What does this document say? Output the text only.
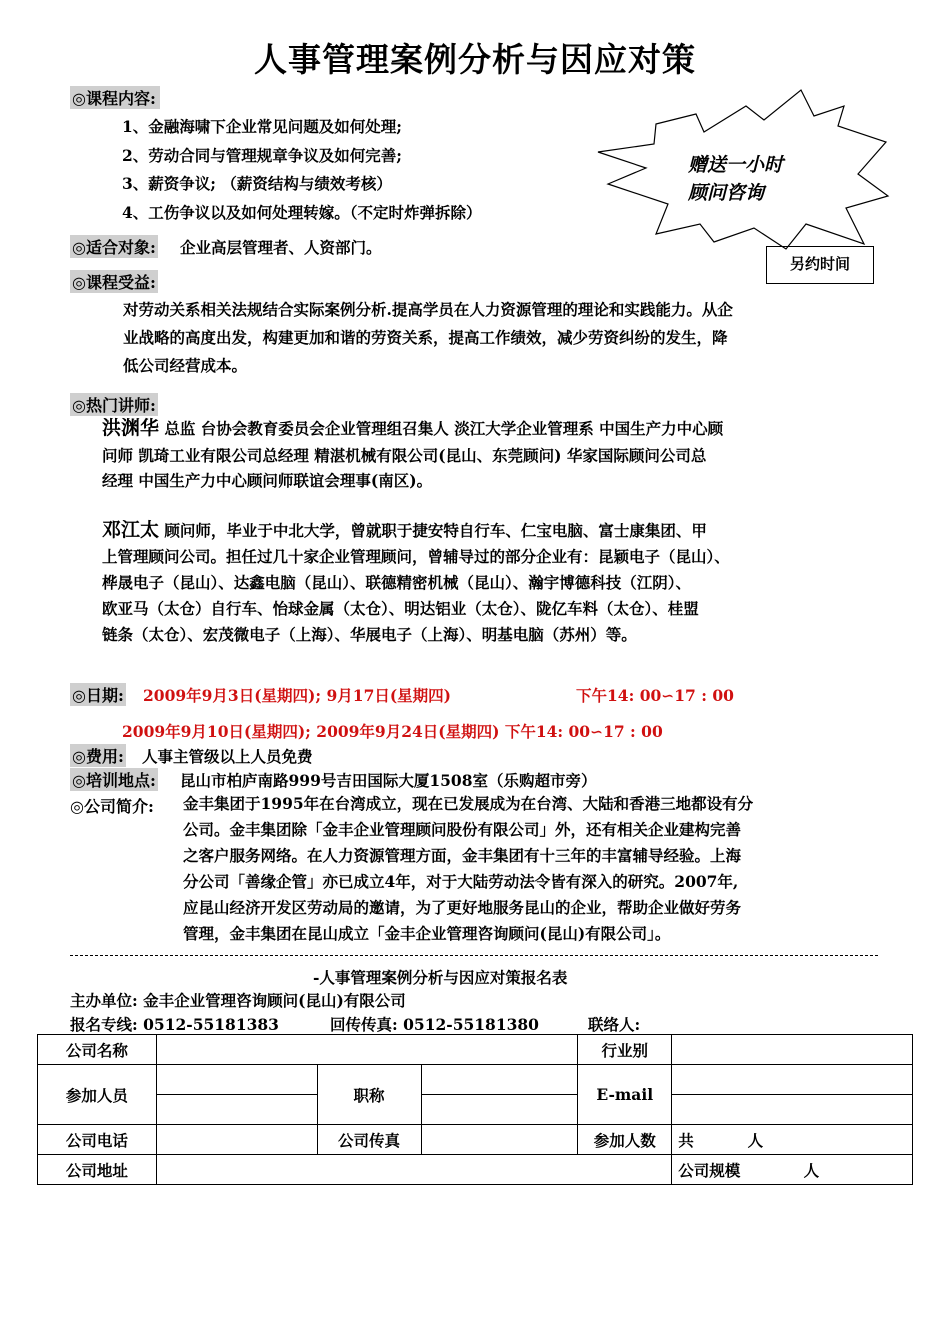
人事管理案例分析与因应对策
◎课程内容:
1、金融海啸下企业常见问题及如何处理;
2、劳动合同与管理规章争议及如何完善;
3、薪资争议; （薪资结构与绩效考核）
4、工伤争议以及如何处理转嫁。（不定时炸弹拆除）
赠送一小时
顾问咨询
另约时间
◎适合对象: 企业高层管理者、人资部门。
◎课程受益:
对劳动关系相关法规结合实际案例分析.提高学员在人力资源管理的理论和实践能力。从企
业战略的高度出发，构建更加和谐的劳资关系，提高工作绩效，减少劳资纠纷的发生，降
低公司经营成本。
◎热门讲师:
洪渊华 总监 台协会教育委员会企业管理组召集人 淡江大学企业管理系 中国生产力中心顾
问师 凯琦工业有限公司总经理 精湛机械有限公司(昆山、东莞顾问) 华家国际顾问公司总
经理 中国生产力中心顾问师联谊会理事(南区)。
邓江太 顾问师，毕业于中北大学，曾就职于捷安特自行车、仁宝电脑、富士康集团、甲
上管理顾问公司。担任过几十家企业管理顾问，曾辅导过的部分企业有：昆颖电子（昆山）、
桦晟电子（昆山）、达鑫电脑（昆山）、联德精密机械（昆山）、瀚宇博德科技（江阴）、
欧亚马（太仓）自行车、怡球金属（太仓）、明达铝业（太仓）、陇亿车料（太仓）、桂盟
链条（太仓）、宏茂微电子（上海）、华展电子（上海）、明基电脑（苏州）等。
◎日期: 2009年9月3日(星期四); 9月17日(星期四)	下午14: 00∽17 : 00
2009年9月10日(星期四); 2009年9月24日(星期四) 下午14: 00∽17 : 00
◎费用: 人事主管级以上人员免费
◎培训地点: 昆山市柏庐南路999号吉田国际大厦1508室（乐购超市旁）
◎公司简介: 金丰集团于1995年在台湾成立，现在已发展成为在台湾、大陆和香港三地都设有分
公司。金丰集团除「金丰企业管理顾问股份有限公司」外，还有相关企业建构完善
之客户服务网络。在人力资源管理方面，金丰集团有十三年的丰富辅导经验。上海
分公司「善缘企管」亦已成立4年，对于大陆劳动法令皆有深入的研究。2007年,
应昆山经济开发区劳动局的邀请，为了更好地服务昆山的企业，帮助企业做好劳务
管理，金丰集团在昆山成立「金丰企业管理咨询顾问(昆山)有限公司」。
-人事管理案例分析与因应对策报名表
主办单位: 金丰企业管理咨询顾问(昆山)有限公司
报名专线: 0512-55181383	回传传真: 0512-55181380	联络人:
公司名称				行业别	
参加人员		职称		E-mail	

公司电话		公司传真		参加人数	共          人
公司地址					公司规模 人
